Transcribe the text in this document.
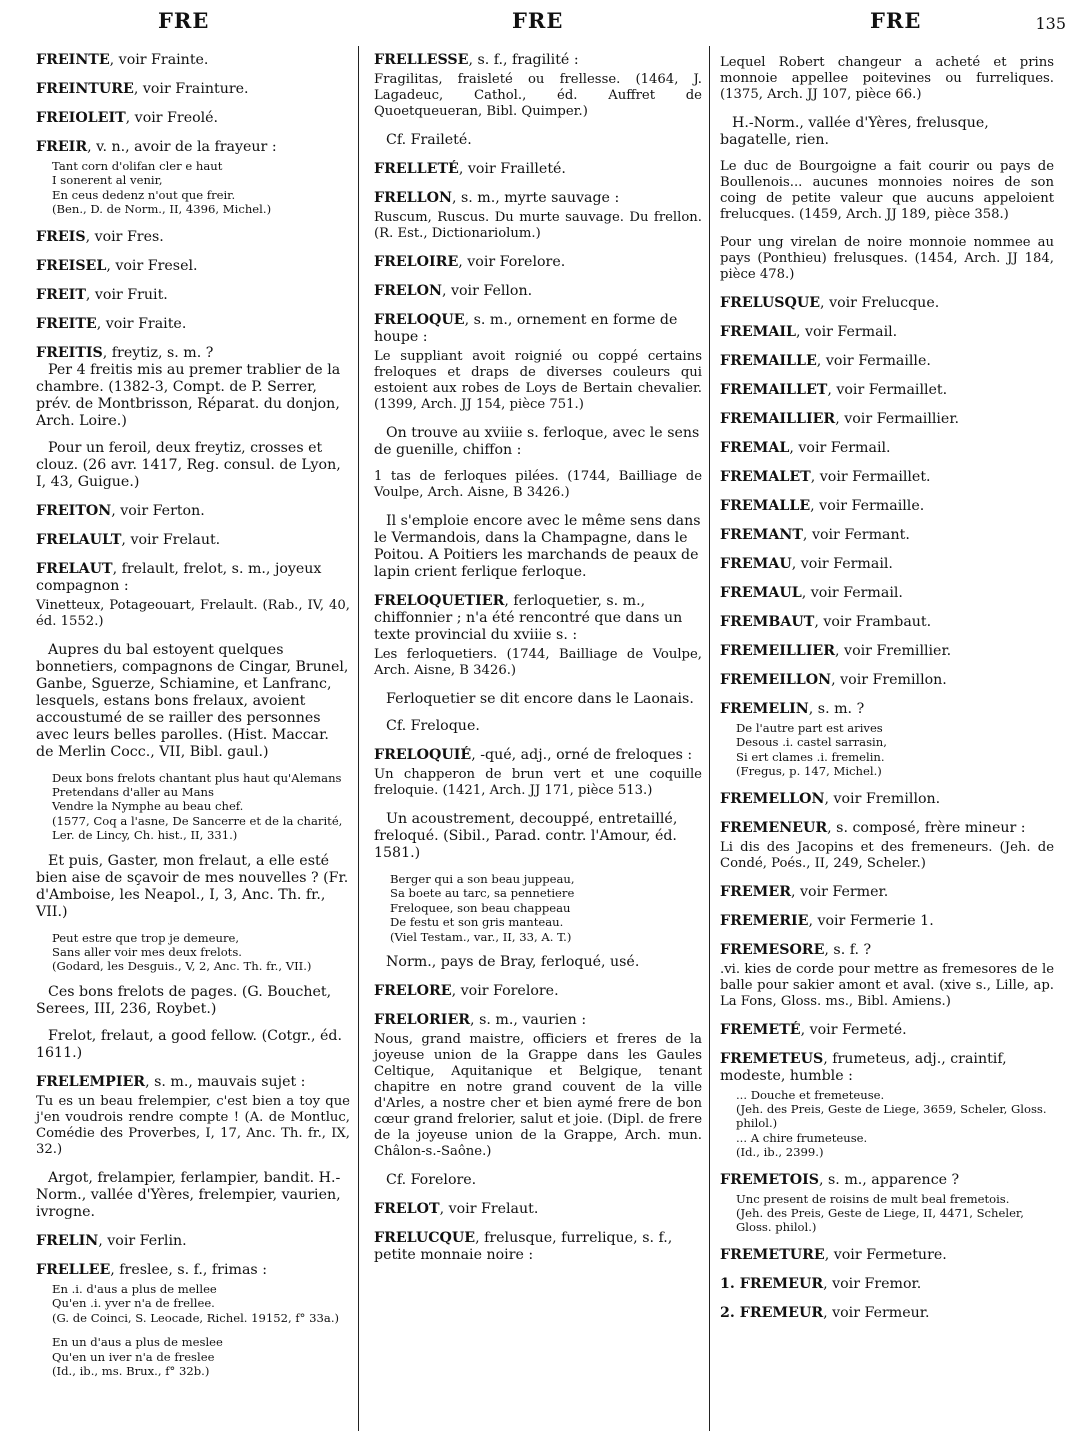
FRE	FRE	FRE	135
FREINTE, voir Frainte.
FREINTURE, voir Frainture.
FREIOLEIT, voir Freolé.
FREIR, v. n., avoir de la frayeur :
Tant corn d'olifan cler e haut
I sonerent al venir,
En ceus dedenz n'out que freir.
(Ben., D. de Norm., II, 4396, Michel.)
FREIS, voir Fres.
FREISEL, voir Fresel.
FREIT, voir Fruit.
FREITE, voir Fraite.
FREITIS, freytiz, s. m. ?
Per 4 freitis mis au premer trablier de la chambre. (1382-3, Compt. de P. Serrer, prév. de Montbrisson, Réparat. du donjon, Arch. Loire.)
Pour un feroil, deux freytiz, crosses et clouz. (26 avr. 1417, Reg. consul. de Lyon, I, 43, Guigue.)
FREITON, voir Ferton.
FRELAULT, voir Frelaut.
FRELAUT, frelault, frelot, s. m., joyeux compagnon :
Vinetteux, Potageouart, Frelault. (Rab., IV, 40, éd. 1552.)
Aupres du bal estoyent quelques bonnetiers, compagnons de Cingar, Brunel, Ganbe, Sguerze, Schiamine, et Lanfranc, lesquels, estans bons frelaux, avoient accoustumé de se railler des personnes avec leurs belles parolles. (Hist. Maccar. de Merlin Cocc., VII, Bibl. gaul.)
Deux bons frelots chantant plus haut qu'Alemans
Pretendans d'aller au Mans
Vendre la Nymphe au beau chef.
(1577, Coq a l'asne, De Sancerre et de la charité, Ler. de Lincy, Ch. hist., II, 331.)
Et puis, Gaster, mon frelaut, a elle esté bien aise de sçavoir de mes nouvelles ? (Fr. d'Amboise, les Neapol., I, 3, Anc. Th. fr., VII.)
Peut estre que trop je demeure,
Sans aller voir mes deux frelots.
(Godard, les Desguis., V, 2, Anc. Th. fr., VII.)
Ces bons frelots de pages. (G. Bouchet, Serees, III, 236, Roybet.)
Frelot, frelaut, a good fellow. (Cotgr., éd. 1611.)
FRELEMPIER, s. m., mauvais sujet :
Tu es un beau frelempier, c'est bien a toy que j'en voudrois rendre compte ! (A. de Montluc, Comédie des Proverbes, I, 17, Anc. Th. fr., IX, 32.)
Argot, frelampier, ferlampier, bandit. H.-Norm., vallée d'Yères, frelempier, vaurien, ivrogne.
FRELIN, voir Ferlin.
FRELLEE, freslee, s. f., frimas :
En .i. d'aus a plus de mellee
Qu'en .i. yver n'a de frellee.
(G. de Coinci, S. Leocade, Richel. 19152, f° 33a.)
En un d'aus a plus de meslee
Qu'en un iver n'a de freslee
(Id., ib., ms. Brux., f° 32b.)
FRELLESSE, s. f., fragilité :
Fragilitas, fraisleté ou frellesse. (1464, J. Lagadeuc, Cathol., éd. Auffret de Quoetqueueran, Bibl. Quimper.)
Cf. Fraileté.
FRELLETÉ, voir Frailleté.
FRELLON, s. m., myrte sauvage :
Ruscum, Ruscus. Du murte sauvage. Du frellon. (R. Est., Dictionariolum.)
FRELOIRE, voir Forelore.
FRELON, voir Fellon.
FRELOQUE, s. m., ornement en forme de houpe :
Le suppliant avoit roignié ou coppé certains freloques et draps de diverses couleurs qui estoient aux robes de Loys de Bertain chevalier. (1399, Arch. JJ 154, pièce 751.)
On trouve au xviiie s. ferloque, avec le sens de guenille, chiffon :
1 tas de ferloques pilées. (1744, Bailliage de Voulpe, Arch. Aisne, B 3426.)
Il s'emploie encore avec le même sens dans le Vermandois, dans la Champagne, dans le Poitou. A Poitiers les marchands de peaux de lapin crient ferlique ferloque.
FRELOQUETIER, ferloquetier, s. m., chiffonnier ; n'a été rencontré que dans un texte provincial du xviiie s. :
Les ferloquetiers. (1744, Bailliage de Voulpe, Arch. Aisne, B 3426.)
Ferloquetier se dit encore dans le Laonais.
Cf. Freloque.
FRELOQUIÉ, -qué, adj., orné de freloques :
Un chapperon de brun vert et une coquille freloquie. (1421, Arch. JJ 171, pièce 513.)
Un acoustrement, decouppé, entretaillé, freloqué. (Sibil., Parad. contr. l'Amour, éd. 1581.)
Berger qui a son beau juppeau,
Sa boete au tarc, sa pennetiere
Freloquee, son beau chappeau
De festu et son gris manteau.
(Viel Testam., var., II, 33, A. T.)
Norm., pays de Bray, ferloqué, usé.
FRELORE, voir Forelore.
FRELORIER, s. m., vaurien :
Nous, grand maistre, officiers et freres de la joyeuse union de la Grappe dans les Gaules Celtique, Aquitanique et Belgique, tenant chapitre en notre grand couvent de la ville d'Arles, a nostre cher et bien aymé frere de bon cœur grand frelorier, salut et joie. (Dipl. de frere de la joyeuse union de la Grappe, Arch. mun. Châlon-s.-Saône.)
Cf. Forelore.
FRELOT, voir Frelaut.
FRELUCQUE, frelusque, furrelique, s. f., petite monnaie noire :
Lequel Robert changeur a acheté et prins monnoie appellee poitevines ou furreliques. (1375, Arch. JJ 107, pièce 66.)
H.-Norm., vallée d'Yères, frelusque, bagatelle, rien.
Le duc de Bourgoigne a fait courir ou pays de Boullenois... aucunes monnoies noires de son coing de petite valeur que aucuns appeloient frelucques. (1459, Arch. JJ 189, pièce 358.)
Pour ung virelan de noire monnoie nommee au pays (Ponthieu) frelusques. (1454, Arch. JJ 184, pièce 478.)
FRELUSQUE, voir Frelucque.
FREMAIL, voir Fermail.
FREMAILLE, voir Fermaille.
FREMAILLET, voir Fermaillet.
FREMAILLIER, voir Fermaillier.
FREMAL, voir Fermail.
FREMALET, voir Fermaillet.
FREMALLE, voir Fermaille.
FREMANT, voir Fermant.
FREMAU, voir Fermail.
FREMAUL, voir Fermail.
FREMBAUT, voir Frambaut.
FREMEILLIER, voir Fremillier.
FREMEILLON, voir Fremillon.
FREMELIN, s. m. ?
De l'autre part est arives
Desous .i. castel sarrasin,
Si ert clames .i. fremelin.
(Fregus, p. 147, Michel.)
FREMELLON, voir Fremillon.
FREMENEUR, s. composé, frère mineur :
Li dis des Jacopins et des fremeneurs. (Jeh. de Condé, Poés., II, 249, Scheler.)
FREMER, voir Fermer.
FREMERIE, voir Fermerie 1.
FREMESORE, s. f. ?
.vi. kies de corde pour mettre as fremesores de le balle pour sakier amont et aval. (xive s., Lille, ap. La Fons, Gloss. ms., Bibl. Amiens.)
FREMETÉ, voir Fermeté.
FREMETEUS, frumeteus, adj., craintif, modeste, humble :
... Douche et fremeteuse.
(Jeh. des Preis, Geste de Liege, 3659, Scheler, Gloss. philol.)
... A chire frumeteuse.
(Id., ib., 2399.)
FREMETOIS, s. m., apparence ?
Unc present de roisins de mult beal fremetois.
(Jeh. des Preis, Geste de Liege, II, 4471, Scheler, Gloss. philol.)
FREMETURE, voir Fermeture.
1. FREMEUR, voir Fremor.
2. FREMEUR, voir Fermeur.
